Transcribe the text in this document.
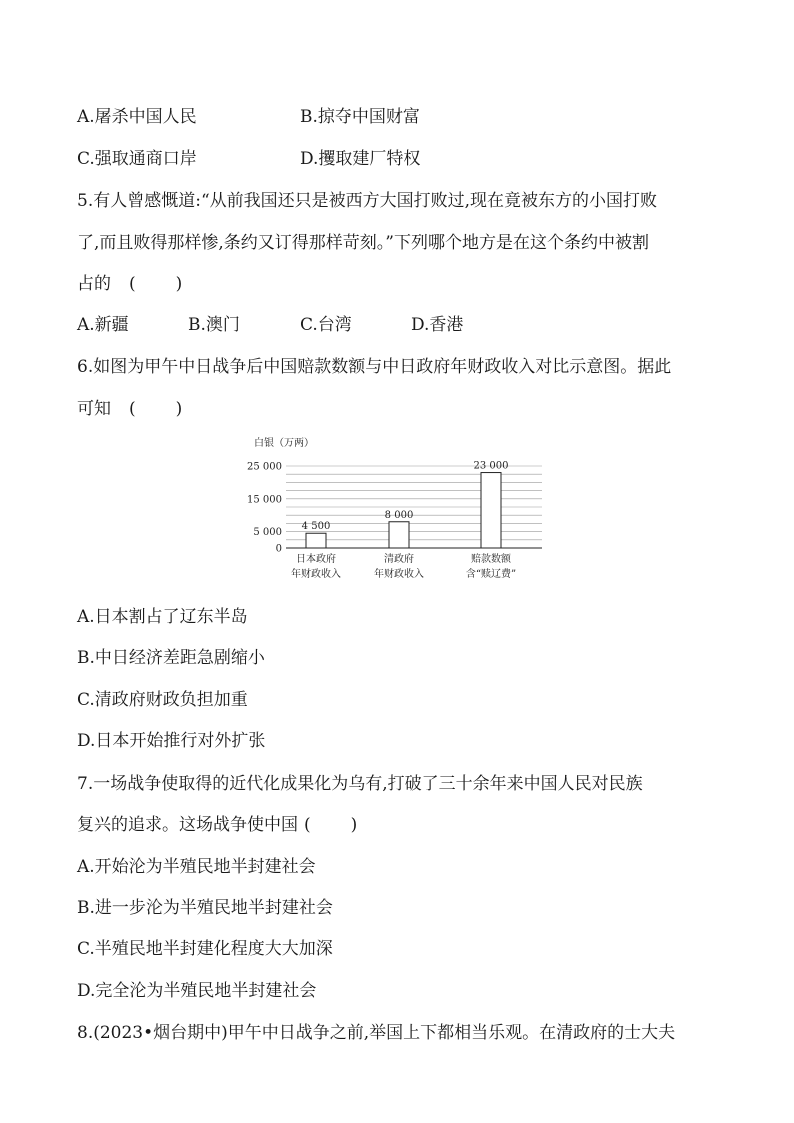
A.屠杀中国人民	B.掠夺中国财富
C.强取通商口岸	D.攫取建厂特权
5.有人曾感慨道:“从前我国还只是被西方大国打败过,现在竟被东方的小国打败
了,而且败得那样惨,条约又订得那样苛刻。”下列哪个地方是在这个条约中被割
占的 ( )
A.新疆	B.澳门	C.台湾	D.香港
6.如图为甲午中日战争后中国赔款数额与中日政府年财政收入对比示意图。据此
可知 ( )
白银（万两）
0
5 000
15 000
25 000
4 500
日本政府
年财政收入
8 000
清政府
年财政收入
23 000
赔款数额
含“赎辽费”
A.日本割占了辽东半岛
B.中日经济差距急剧缩小
C.清政府财政负担加重
D.日本开始推行对外扩张
7.一场战争使取得的近代化成果化为乌有,打破了三十余年来中国人民对民族
复兴的追求。这场战争使中国 ( )
A.开始沦为半殖民地半封建社会
B.进一步沦为半殖民地半封建社会
C.半殖民地半封建化程度大大加深
D.完全沦为半殖民地半封建社会
8.(2023•烟台期中)甲午中日战争之前,举国上下都相当乐观。在清政府的士大夫
